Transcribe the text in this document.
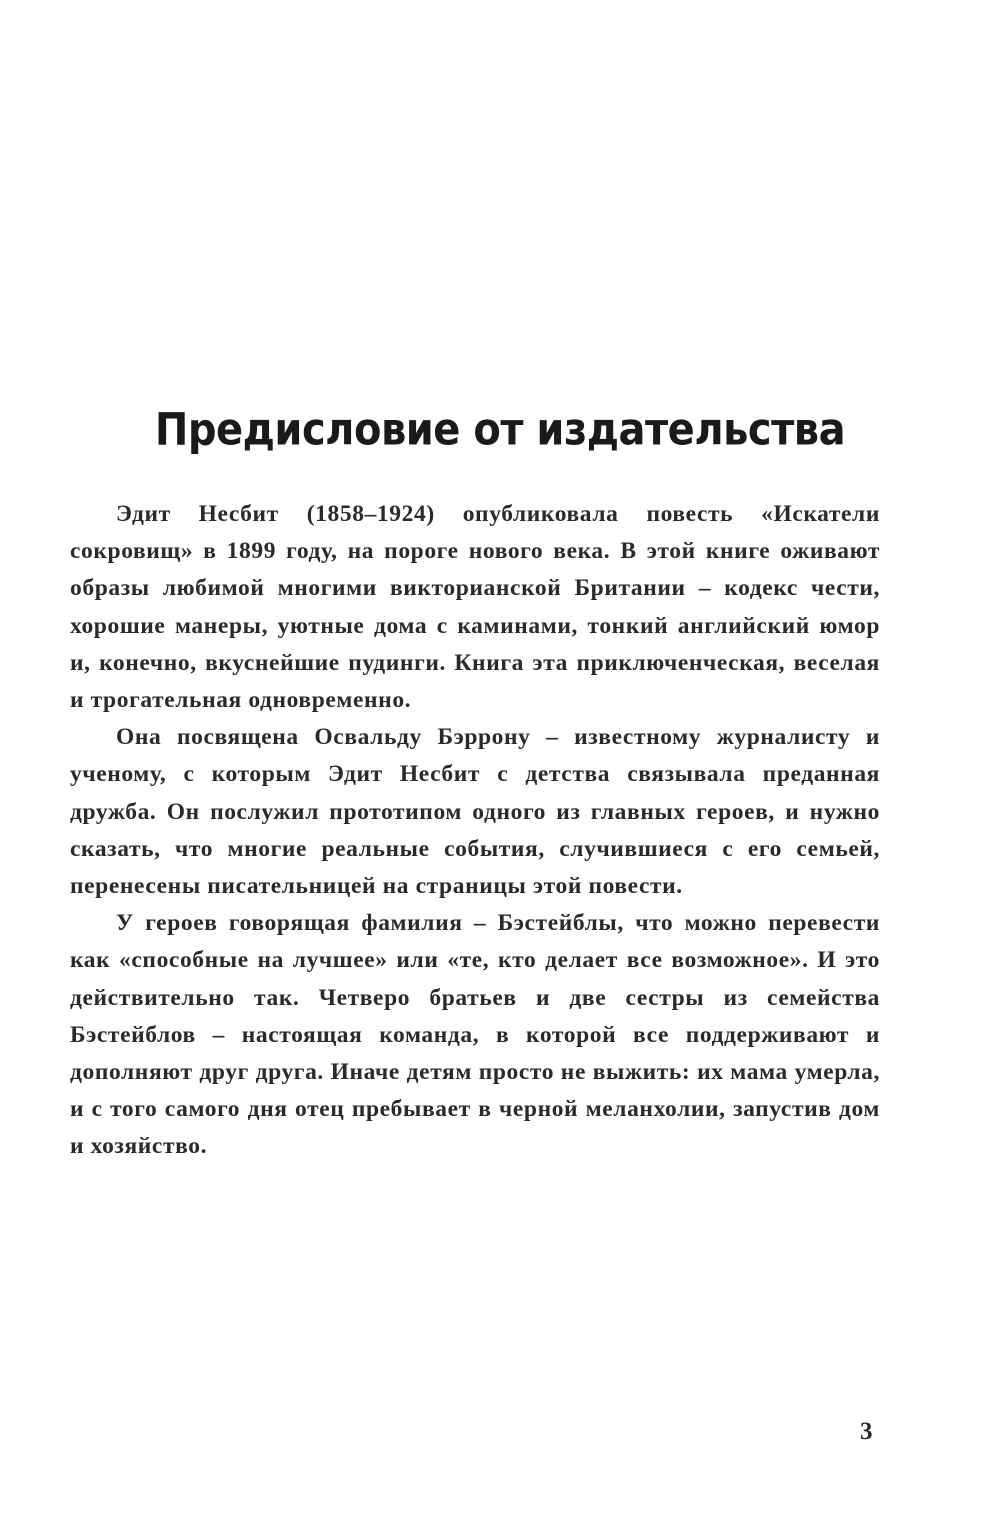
Предисловие от издательства

Эдит Несбит (1858–1924) опубликовала повесть «Искатели сокровищ» в 1899 году, на пороге нового века. В этой книге оживают образы любимой многими викторианской Британии – кодекс чести, хорошие манеры, уютные дома с каминами, тонкий английский юмор и, конечно, вкуснейшие пудинги. Книга эта приключенческая, веселая и трогательная одновременно.

Она посвящена Освальду Бэррону – известному журналисту и ученому, с которым Эдит Несбит с детства связывала преданная дружба. Он послужил прототипом одного из главных героев, и нужно сказать, что многие реальные события, случившиеся с его семьей, перенесены писательницей на страницы этой повести.

У героев говорящая фамилия – Бэстейблы, что можно перевести как «способные на лучшее» или «те, кто делает все возможное». И это действительно так. Четверо братьев и две сестры из семейства Бэстейблов – настоящая команда, в которой все поддерживают и дополняют друг друга. Иначе детям просто не выжить: их мама умерла, и с того самого дня отец пребывает в черной меланхолии, запустив дом и хозяйство.

3
